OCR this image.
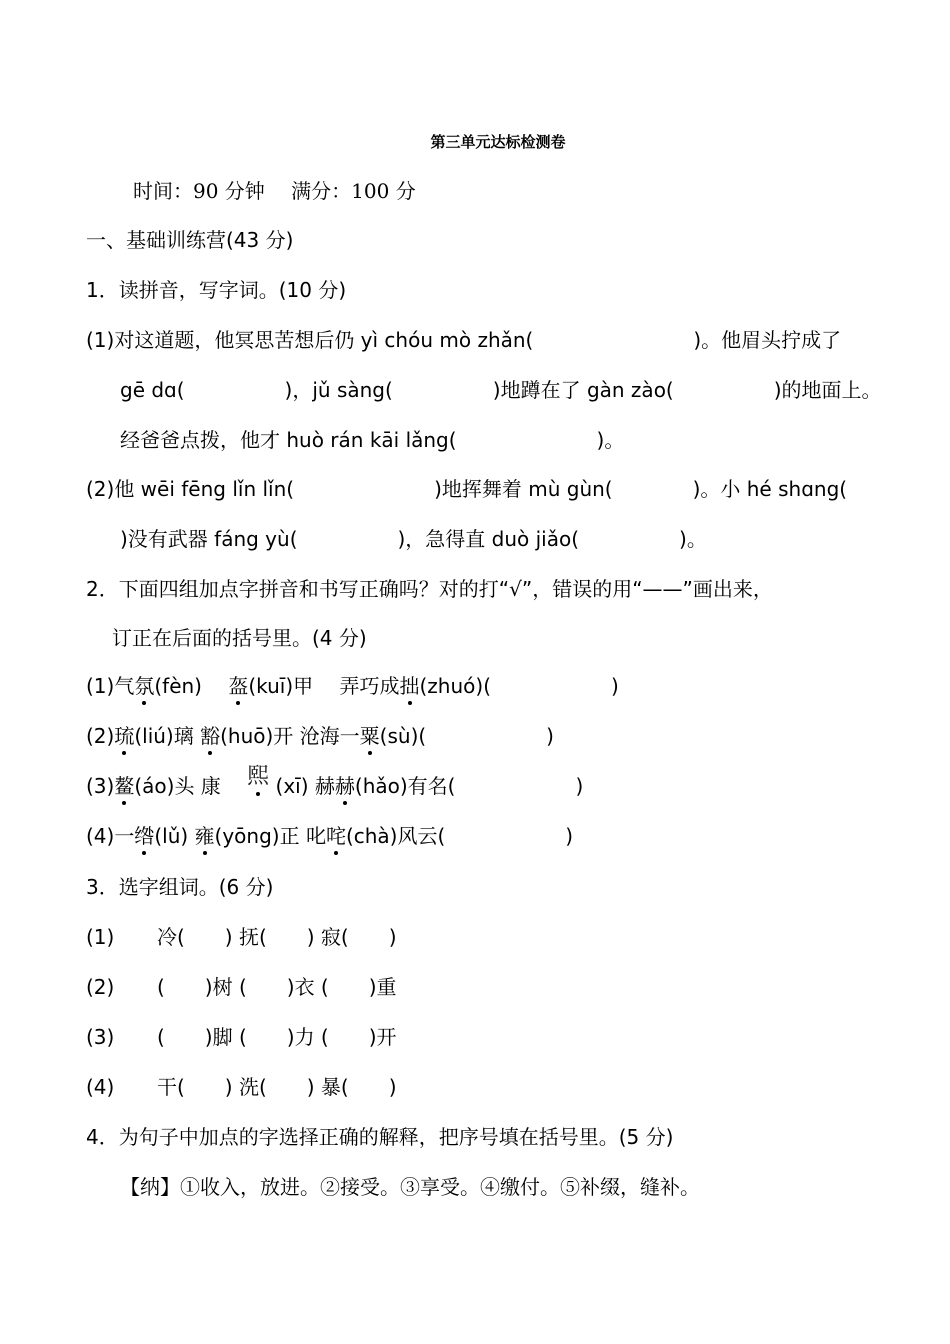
第三单元达标检测卷
时间：90 分钟　 满分：100 分
一、基础训练营(43 分)
1．读拼音，写字词。(10 分)
(1)对这道题，他冥思苦想后仍 yì chóu mò zhǎn(　　　　　　　　)。他眉头拧成了
gē dɑ(　　　　　)，jǔ sàng(　　　　　)地蹲在了 gàn zào(　　　　　)的地面上。
经爸爸点拨，他才 huò rán kāi lǎng(　　　　　　　)。
(2)他 wēi fēng lǐn lǐn(　　　　　　　)地挥舞着 mù gùn(　　　　)。小 hé shɑng(
)没有武器 fáng yù(　　　　　)，急得直 duò jiǎo(　　　　　)。
2．下面四组加点字拼音和书写正确吗？对的打“√”，错误的用“——”画出来，
订正在后面的括号里。(4 分)
(1)气氛(fèn)　 盔(kuī)甲　 弄巧成拙(zhuó)(　　　　　　)
(2)琉(liú)璃 豁(huō)开 沧海一粟(sù)(　　　　　　)
(3)鳌(áo)头 康　 熙 (xī) 赫赫(hǎo)有名(　　　　　　)
(4)一绺(lǔ) 雍(yōng)正 叱咤(chà)风云(　　　　　　)
3．选字组词。(6 分)
(1) 冷(　　) 抚(　　) 寂(　　)
(2) (　　)树 (　　)衣 (　　)重
(3) (　　)脚 (　　)力 (　　)开
(4) 干(　　) 洗(　　) 暴(　　)
4．为句子中加点的字选择正确的解释，把序号填在括号里。(5 分)
【纳】①收入，放进。②接受。③享受。④缴付。⑤补缀，缝补。
